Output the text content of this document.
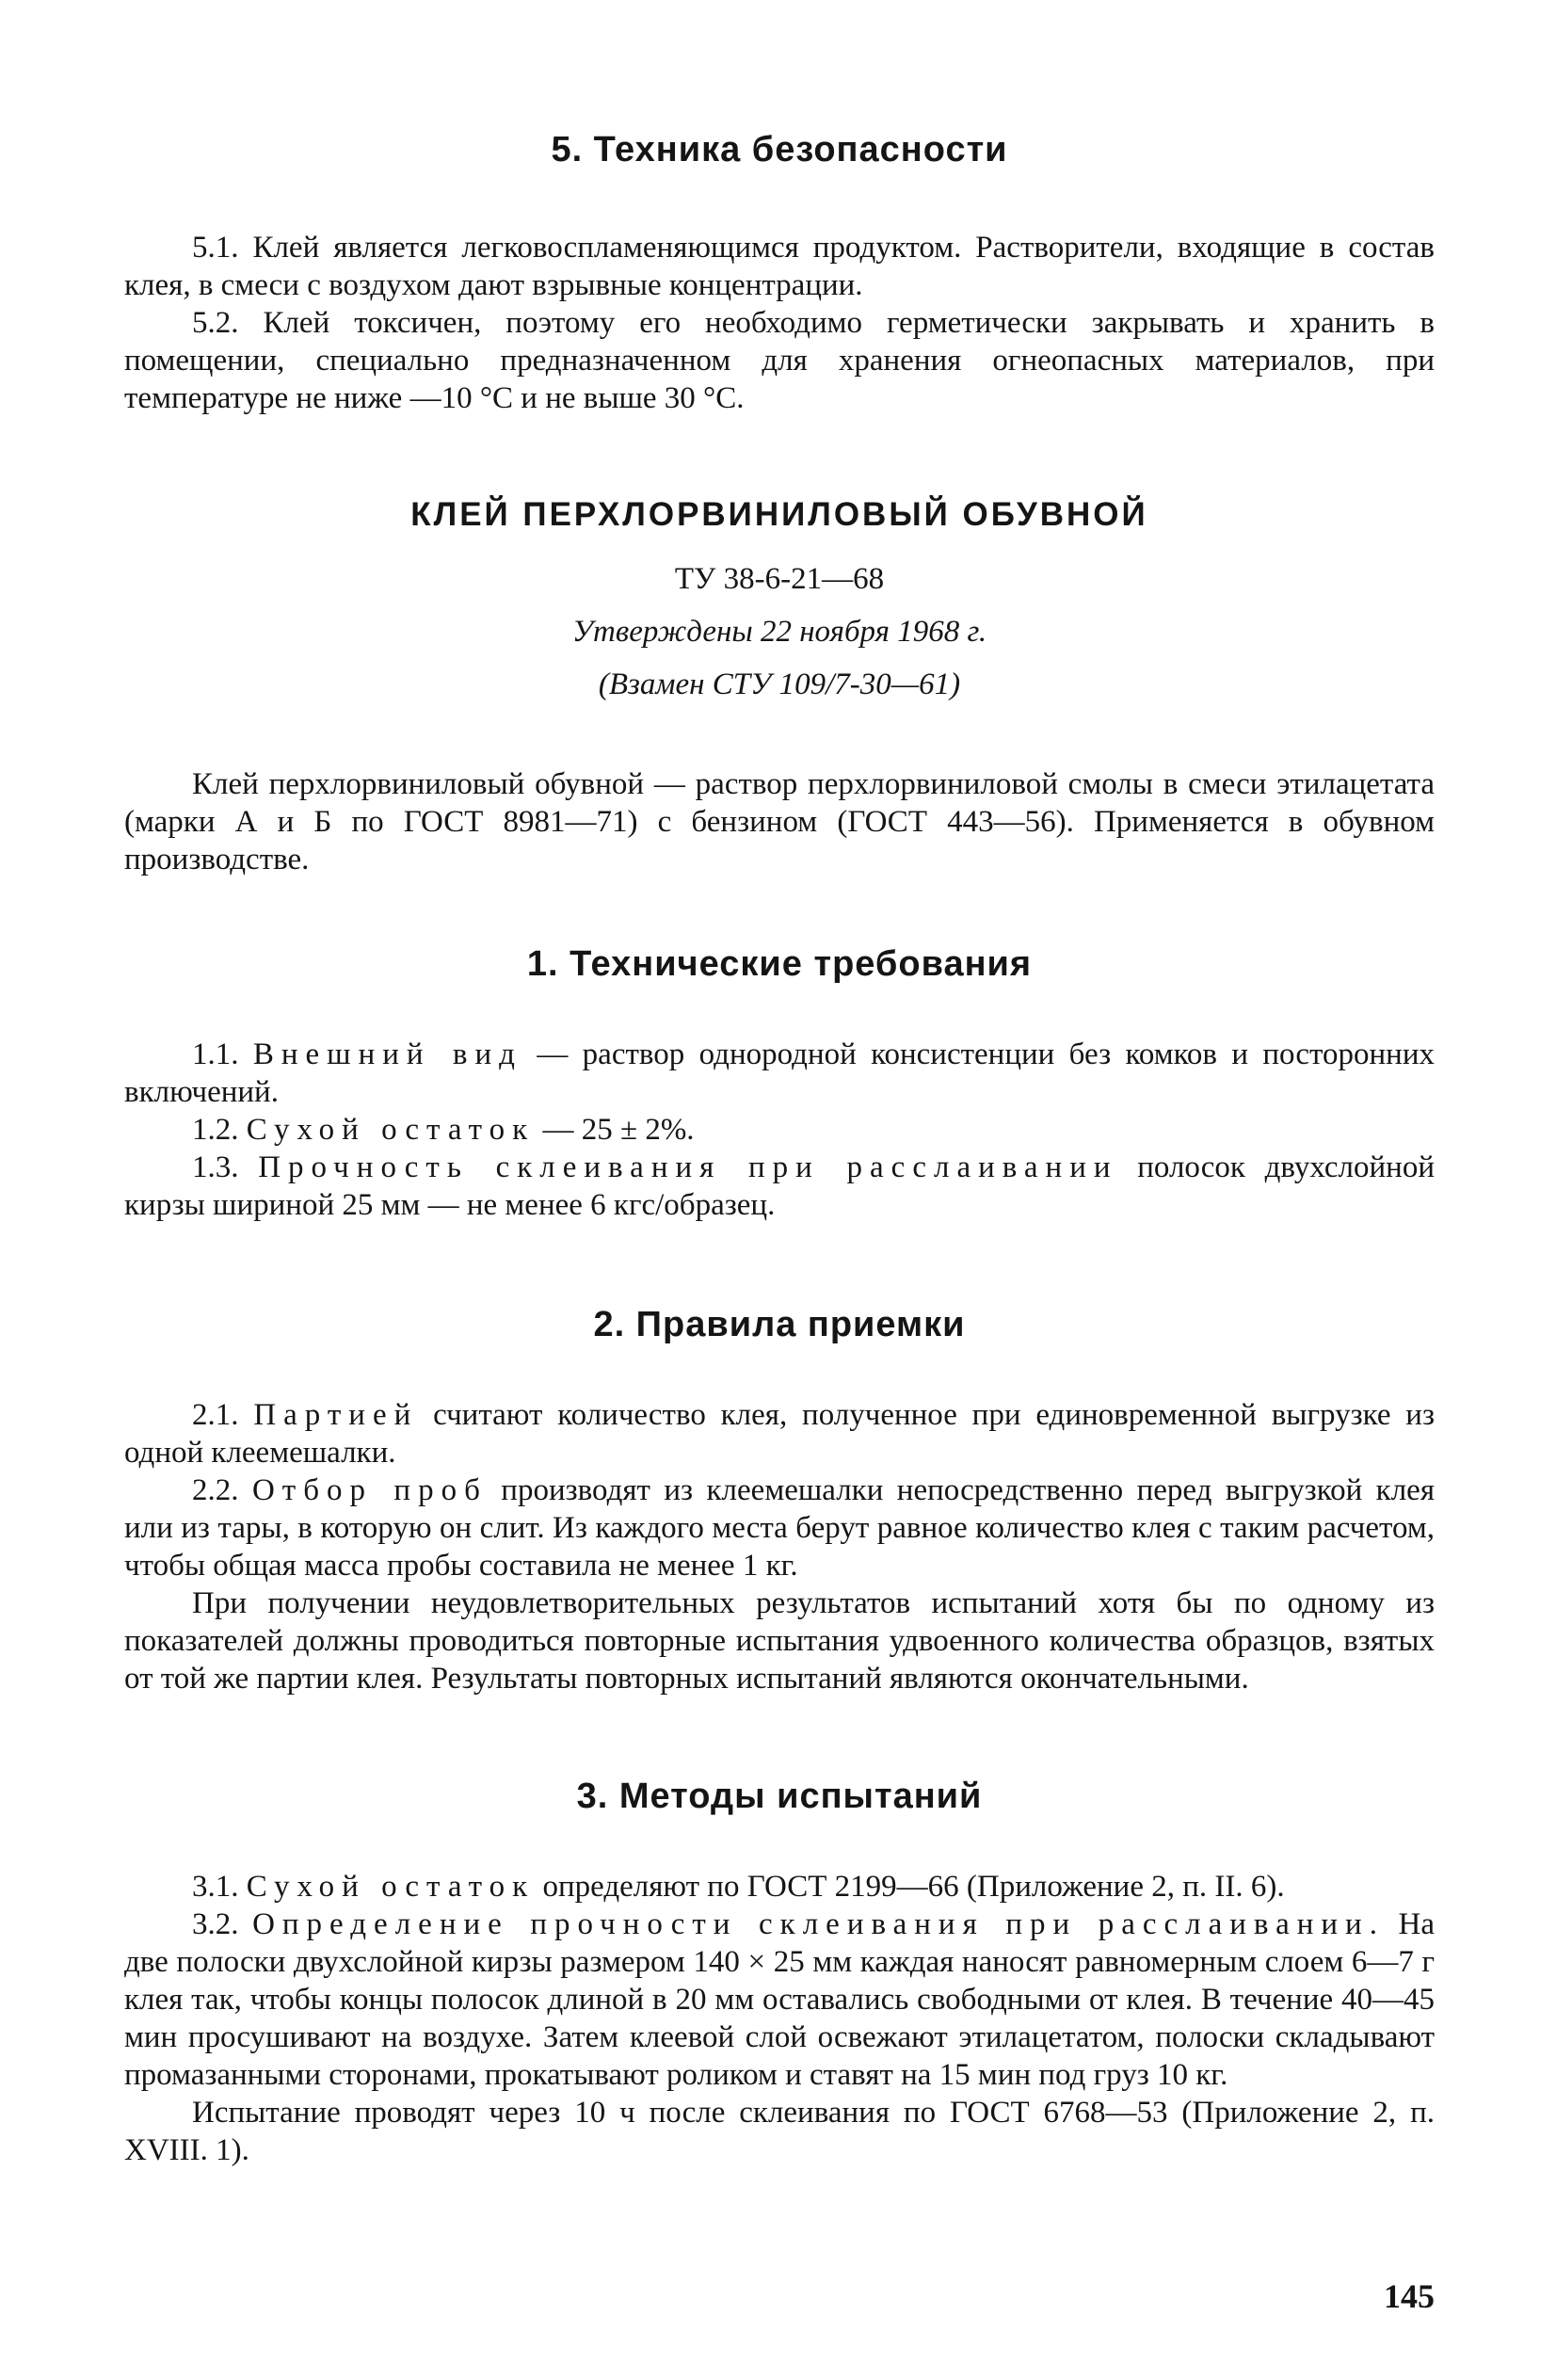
5. Техника безопасности

5.1. Клей является легковоспламеняющимся продуктом. Растворители, входящие в состав клея, в смеси с воздухом дают взрывные концентрации.

5.2. Клей токсичен, поэтому его необходимо герметически закрывать и хранить в помещении, специально предназначенном для хранения огнеопасных материалов, при температуре не ниже —10 °С и не выше 30 °С.

КЛЕЙ ПЕРХЛОРВИНИЛОВЫЙ ОБУВНОЙ

ТУ 38-6-21—68

Утверждены 22 ноября 1968 г.

(Взамен СТУ 109/7-30—61)

Клей перхлорвиниловый обувной — раствор перхлорвиниловой смолы в смеси этилацетата (марки А и Б по ГОСТ 8981—71) с бензином (ГОСТ 443—56). Применяется в обувном производстве.

1. Технические требования

1.1. Внешний вид — раствор однородной консистенции без комков и посторонних включений.

1.2. Сухой остаток — 25 ± 2%.

1.3. Прочность склеивания при расслаивании полосок двухслойной кирзы шириной 25 мм — не менее 6 кгс/образец.

2. Правила приемки

2.1. Партией считают количество клея, полученное при единовременной выгрузке из одной клеемешалки.

2.2. Отбор проб производят из клеемешалки непосредственно перед выгрузкой клея или из тары, в которую он слит. Из каждого места берут равное количество клея с таким расчетом, чтобы общая масса пробы составила не менее 1 кг.

При получении неудовлетворительных результатов испытаний хотя бы по одному из показателей должны проводиться повторные испытания удвоенного количества образцов, взятых от той же партии клея. Результаты повторных испытаний являются окончательными.

3. Методы испытаний

3.1. Сухой остаток определяют по ГОСТ 2199—66 (Приложение 2, п. II. 6).

3.2. Определение прочности склеивания при расслаивании. На две полоски двухслойной кирзы размером 140 × 25 мм каждая наносят равномерным слоем 6—7 г клея так, чтобы концы полосок длиной в 20 мм оставались свободными от клея. В течение 40—45 мин просушивают на воздухе. Затем клеевой слой освежают этилацетатом, полоски складывают промазанными сторонами, прокатывают роликом и ставят на 15 мин под груз 10 кг.

Испытание проводят через 10 ч после склеивания по ГОСТ 6768—53 (Приложение 2, п. XVIII. 1).

145
